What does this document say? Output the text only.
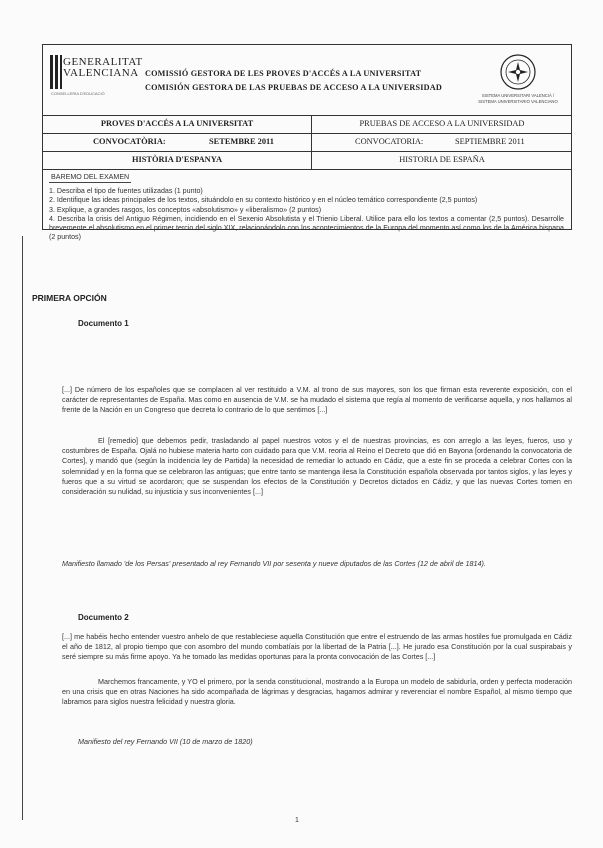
GENERALITAT VALENCIANA
CONSELLERIA D'EDUCACIÓ
COMISSIÓ GESTORA DE LES PROVES D'ACCÉS A LA UNIVERSITAT
COMISIÓN GESTORA DE LAS PRUEBAS DE ACCESO A LA UNIVERSIDAD
SISTEMA UNIVERSITARI VALENCIÀ / SISTEMA UNIVERSITARIO VALENCIANO
PROVES D'ACCÉS A LA UNIVERSITAT	PRUEBAS DE ACCESO A LA UNIVERSIDAD
CONVOCATÒRIA:	SETEMBRE 2011	CONVOCATORIA:	SEPTIEMBRE 2011
HISTÒRIA D'ESPANYA	HISTORIA DE ESPAÑA
BAREMO DEL EXAMEN

1. Describa el tipo de fuentes utilizadas (1 punto)

2. Identifique las ideas principales de los textos, situándolo en su contexto histórico y en el núcleo temático correspondiente (2,5 puntos)

3. Explique, a grandes rasgos, los conceptos «absolutismo» y «liberalismo» (2 puntos)

4. Describa la crisis del Antiguo Régimen, incidiendo en el Sexenio Absolutista y el Trienio Liberal. Utilice para ello los textos a comentar (2,5 puntos). Desarrolle brevemente el absolutismo en el primer tercio del siglo XIX, relacionándolo con los acontecimientos de la Europa del momento así como los de la América hispana (2 puntos)

PRIMERA OPCIÓN
Documento 1

[...] De número de los españoles que se complacen al ver restituido a V.M. al trono de sus mayores, son los que firman esta reverente exposición, con el carácter de representantes de España. Mas como en ausencia de V.M. se ha mudado el sistema que regía al momento de verificarse aquella, y nos hallamos al frente de la Nación en un Congreso que decreta lo contrario de lo que sentimos [...]

El [remedio] que debemos pedir, trasladando al papel nuestros votos y el de nuestras provincias, es con arreglo a las leyes, fueros, uso y costumbres de España. Ojalá no hubiese materia harto con cuidado para que V.M. reoria al Reino el Decreto que dió en Bayona [ordenando la convocatoria de Cortes], y mandó que (según la incidencia ley de Partida) la necesidad de remediar lo actuado en Cádiz, que a este fin se proceda a celebrar Cortes con la solemnidad y en la forma que se celebraron las antiguas; que entre tanto se mantenga ilesa la Constitución española observada por tantos siglos, y las leyes y fueros que a su virtud se acordaron; que se suspendan los efectos de la Constitución y Decretos dictados en Cádiz, y que las nuevas Cortes tomen en consideración su nulidad, su injusticia y sus inconvenientes [...]

Manifiesto llamado 'de los Persas' presentado al rey Fernando VII por sesenta y nueve diputados de las Cortes (12 de abril de 1814).

Documento 2

[...] me habéis hecho entender vuestro anhelo de que restableciese aquella Constitución que entre el estruendo de las armas hostiles fue promulgada en Cádiz el año de 1812, al propio tiempo que con asombro del mundo combatíais por la libertad de la Patria [...]. He jurado esa Constitución por la cual suspirabais y seré siempre su más firme apoyo. Ya he tomado las medidas oportunas para la pronta convocación de las Cortes [...]

Marchemos francamente, y YO el primero, por la senda constitucional, mostrando a la Europa un modelo de sabiduría, orden y perfecta moderación en una crisis que en otras Naciones ha sido acompañada de lágrimas y desgracias, hagamos admirar y reverenciar el nombre Español, al mismo tiempo que labramos para siglos nuestra felicidad y nuestra gloria.

Manifiesto del rey Fernando VII (10 de marzo de 1820)

1
